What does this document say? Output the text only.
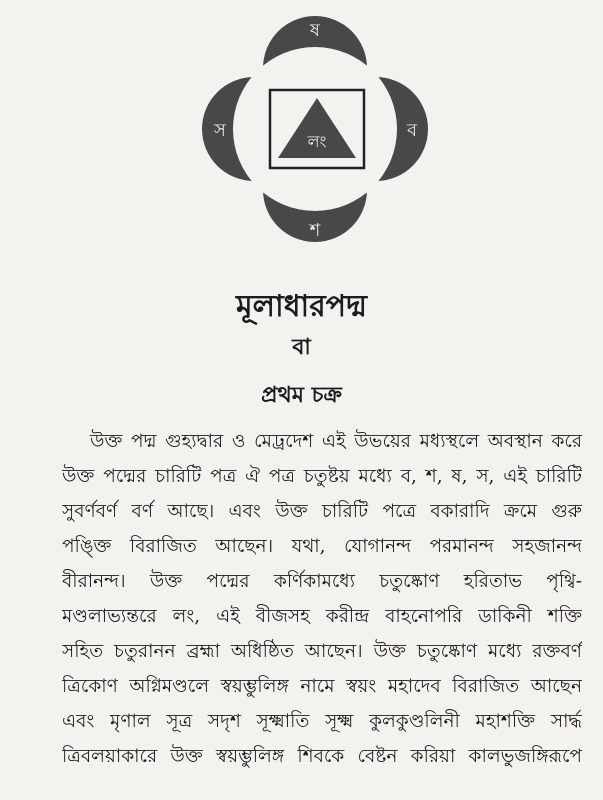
ষ
ব
শ
স
লং
মূলাধারপদ্ম
বা
প্রথম চক্র
উক্ত পদ্ম গুহ্যদ্বার ও মেঢ্রদেশ এই উভয়ের মধ্যস্থলে অবস্থান করে
উক্ত পদ্মের চারিটি পত্র ঐ পত্র চতুষ্টয় মধ্যে ব, শ, ষ, স, এই চারিটি
সুবর্ণবর্ণ বর্ণ আছে। এবং উক্ত চারিটি পত্রে বকারাদি ক্রমে গুরু
পঙ্ক্তি বিরাজিত আছেন। যথা, যোগানন্দ পরমানন্দ সহজানন্দ
বীরানন্দ। উক্ত পদ্মের কর্ণিকামধ্যে চতুষ্কোণ হরিতাভ পৃথ্বি-
মণ্ডলাভ্যন্তরে লং, এই বীজসহ করীন্দ্র বাহনোপরি ডাকিনী শক্তি
সহিত চতুরানন ব্রহ্মা অধিষ্ঠিত আছেন। উক্ত চতুষ্কোণ মধ্যে রক্তবর্ণ
ত্রিকোণ অগ্নিমণ্ডলে স্বয়ম্ভুলিঙ্গ নামে স্বয়ং মহাদেব বিরাজিত আছেন
এবং মৃণাল সূত্র সদৃশ সূক্ষ্মাতি সূক্ষ্ম কুলকুণ্ডলিনী মহাশক্তি সার্দ্ধ
ত্রিবলয়াকারে উক্ত স্বয়ম্ভুলিঙ্গ শিবকে বেষ্টন করিয়া কালভুজঙ্গিরূপে
